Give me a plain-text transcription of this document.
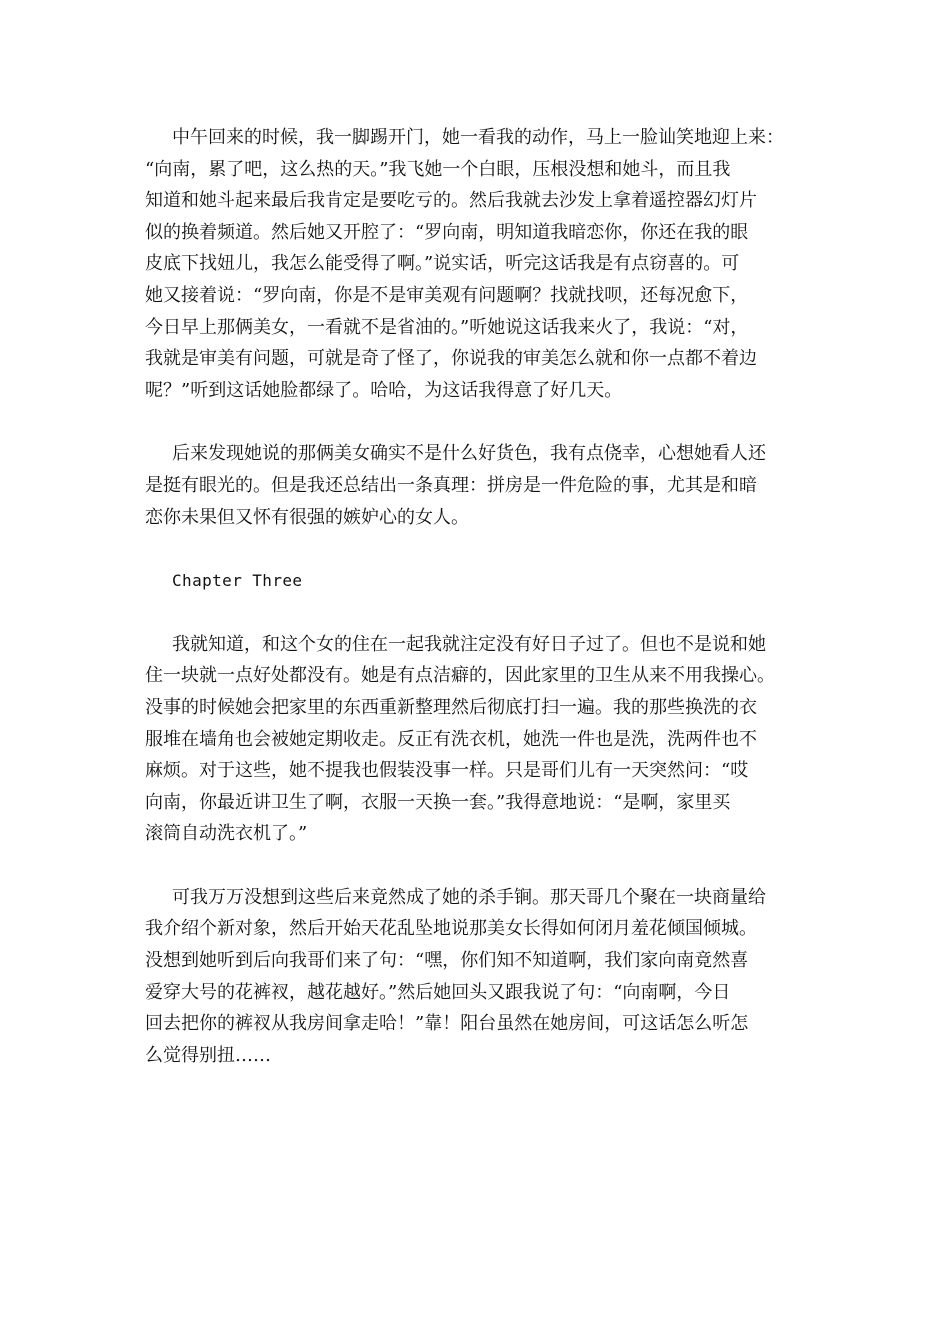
中午回来的时候，我一脚踢开门，她一看我的动作，马上一脸讪笑地迎上来：
“向南，累了吧，这么热的天。”我飞她一个白眼，压根没想和她斗，而且我
知道和她斗起来最后我肯定是要吃亏的。然后我就去沙发上拿着遥控器幻灯片
似的换着频道。然后她又开腔了：“罗向南，明知道我暗恋你，你还在我的眼
皮底下找妞儿，我怎么能受得了啊。”说实话，听完这话我是有点窃喜的。可
她又接着说：“罗向南，你是不是审美观有问题啊？找就找呗，还每况愈下，
今日早上那俩美女，一看就不是省油的。”听她说这话我来火了，我说：“对，
我就是审美有问题，可就是奇了怪了，你说我的审美怎么就和你一点都不着边
呢？”听到这话她脸都绿了。哈哈，为这话我得意了好几天。
后来发现她说的那俩美女确实不是什么好货色，我有点侥幸，心想她看人还
是挺有眼光的。但是我还总结出一条真理：拼房是一件危险的事，尤其是和暗
恋你未果但又怀有很强的嫉妒心的女人。
Chapter Three
我就知道，和这个女的住在一起我就注定没有好日子过了。但也不是说和她
住一块就一点好处都没有。她是有点洁癖的，因此家里的卫生从来不用我操心。
没事的时候她会把家里的东西重新整理然后彻底打扫一遍。我的那些换洗的衣
服堆在墙角也会被她定期收走。反正有洗衣机，她洗一件也是洗，洗两件也不
麻烦。对于这些，她不提我也假装没事一样。只是哥们儿有一天突然问：“哎
向南，你最近讲卫生了啊，衣服一天换一套。”我得意地说：“是啊，家里买
滚筒自动洗衣机了。”
可我万万没想到这些后来竟然成了她的杀手锏。那天哥几个聚在一块商量给
我介绍个新对象，然后开始天花乱坠地说那美女长得如何闭月羞花倾国倾城。
没想到她听到后向我哥们来了句：“嘿，你们知不知道啊，我们家向南竟然喜
爱穿大号的花裤衩，越花越好。”然后她回头又跟我说了句：“向南啊，今日
回去把你的裤衩从我房间拿走哈！”靠！阳台虽然在她房间，可这话怎么听怎
么觉得别扭……
